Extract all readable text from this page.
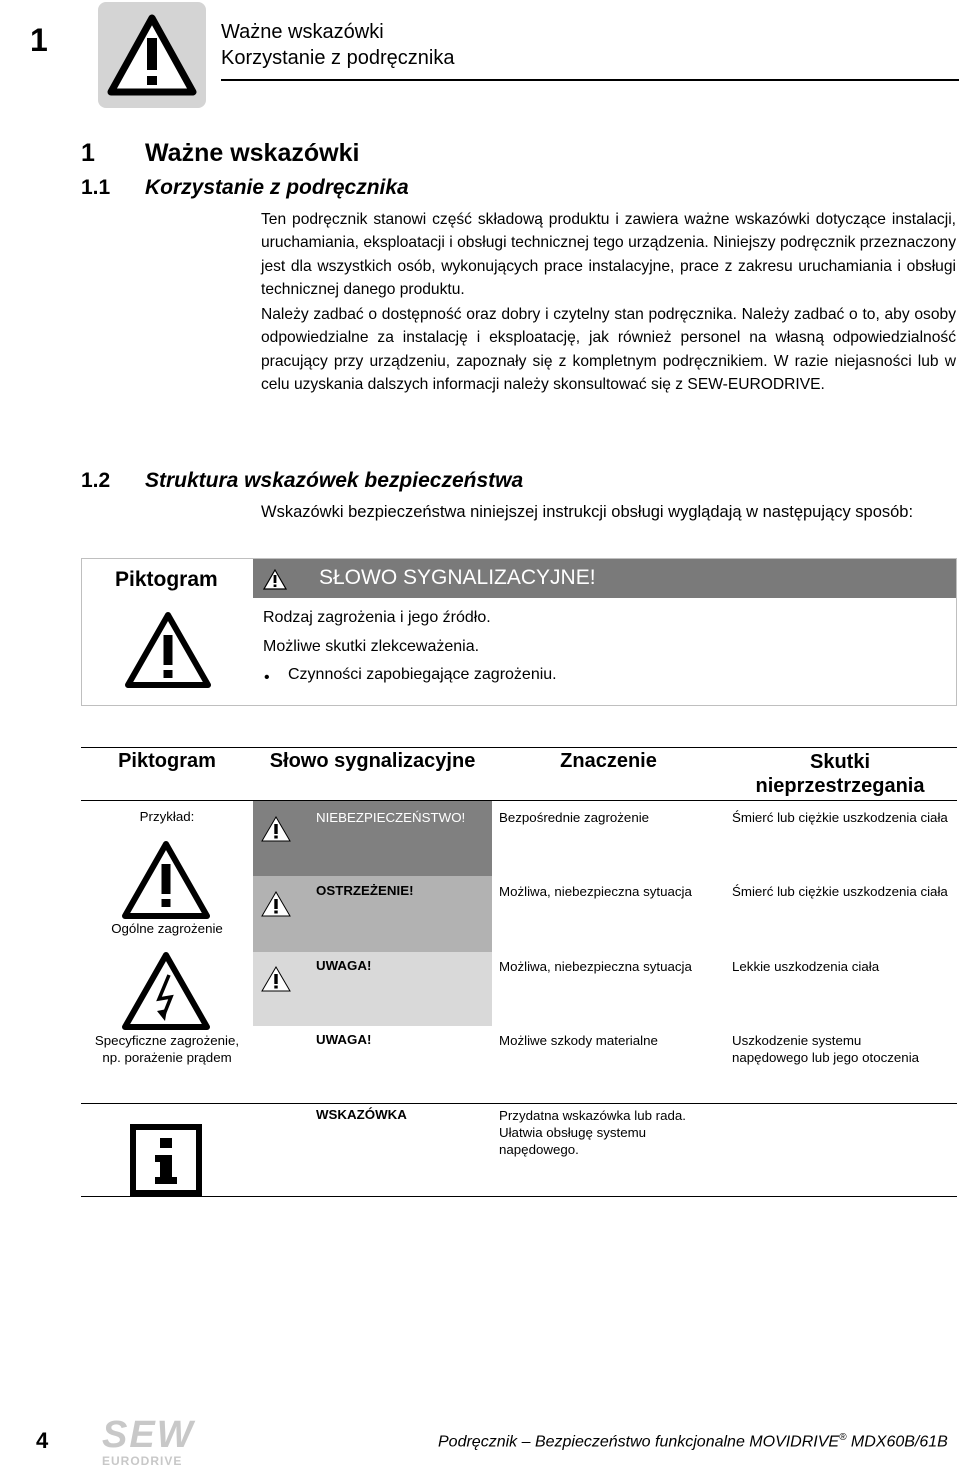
1	Ważne wskazówki
Korzystanie z podręcznika
1 Ważne wskazówki
1.1 Korzystanie z podręcznika
Ten podręcznik stanowi część składową produktu i zawiera ważne wskazówki dotyczące instalacji, uruchamiania, eksploatacji i obsługi technicznej tego urządzenia. Niniejszy podręcznik przeznaczony jest dla wszystkich osób, wykonujących prace instalacyjne, prace z zakresu uruchamiania i obsługi technicznej danego produktu.
Należy zadbać o dostępność oraz dobry i czytelny stan podręcznika. Należy zadbać o to, aby osoby odpowiedzialne za instalację i eksploatację, jak również personel na własną odpowiedzialność pracujący przy urządzeniu, zapoznały się z kompletnym podręcznikiem. W razie niejasności lub w celu uzyskania dalszych informacji należy skonsultować się z SEW-EURODRIVE.
1.2 Struktura wskazówek bezpieczeństwa
Wskazówki bezpieczeństwa niniejszej instrukcji obsługi wyglądają w następujący sposób:
Piktogram	SŁOWO SYGNALIZACYJNE!
Rodzaj zagrożenia i jego źródło.
Możliwe skutki zlekceważenia.
• Czynności zapobiegające zagrożeniu.
Piktogram	Słowo sygnalizacyjne	Znaczenie	Skutki nieprzestrzegania
Przykład:
Ogólne zagrożenie
Specyficzne zagrożenie,
np. porażenie prądem
NIEBEZPIECZEŃSTWO!	Bezpośrednie zagrożenie	Śmierć lub ciężkie uszkodzenia ciała
OSTRZEŻENIE!	Możliwa, niebezpieczna sytuacja	Śmierć lub ciężkie uszkodzenia ciała
UWAGA!	Możliwa, niebezpieczna sytuacja	Lekkie uszkodzenia ciała
UWAGA!	Możliwe szkody materialne	Uszkodzenie systemu napędowego lub jego otoczenia
WSKAZÓWKA	Przydatna wskazówka lub rada. Ułatwia obsługę systemu napędowego.
4 SEW
EURODRIVE
Podręcznik – Bezpieczeństwo funkcjonalne MOVIDRIVE® MDX60B/61B
